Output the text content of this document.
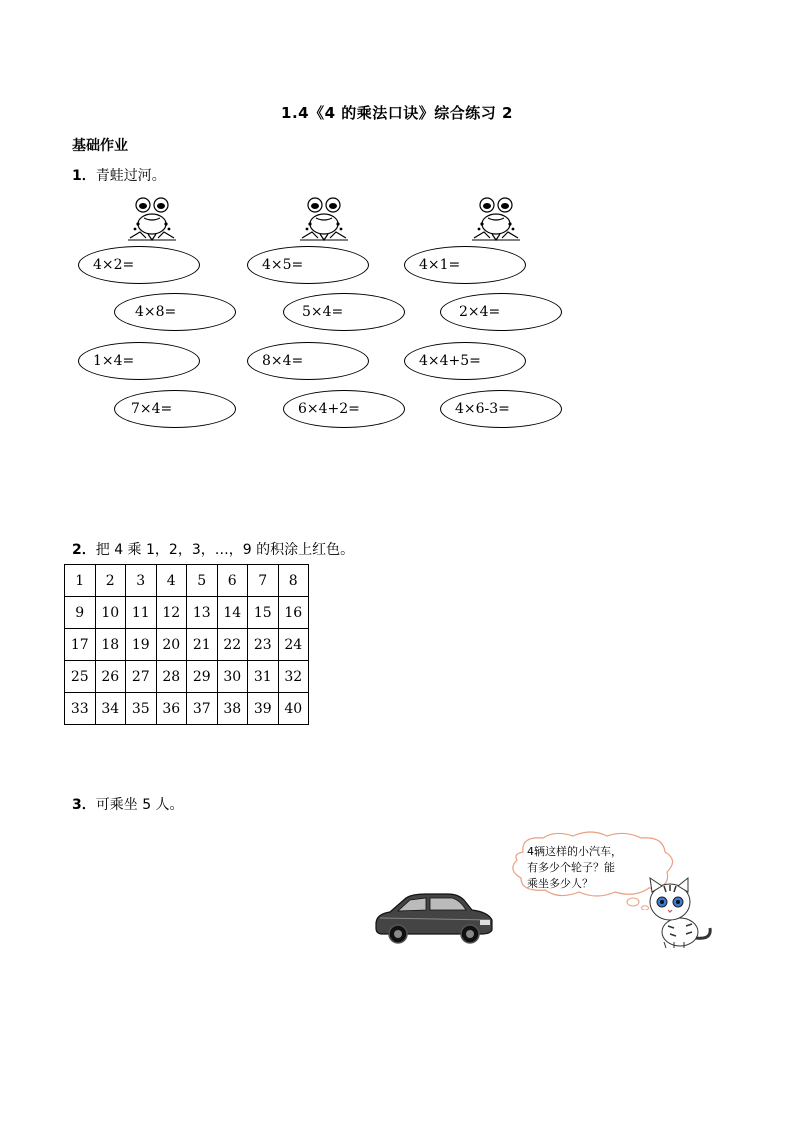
1.4《4 的乘法口诀》综合练习 2
基础作业
1．青蛙过河。
4×2=	4×5=	4×1=
4×8=	5×4=	2×4=
1×4=	8×4=	4×4+5=
7×4=	6×4+2=	4×6-3=
2．把 4 乘 1，2，3，…，9 的积涂上红色。
1	2	3	4	5	6	7	8
9	10	11	12	13	14	15	16
17	18	19	20	21	22	23	24
25	26	27	28	29	30	31	32
33	34	35	36	37	38	39	40
3．可乘坐 5 人。
4辆这样的小汽车，
有多少个轮子？能
乘坐多少人？
